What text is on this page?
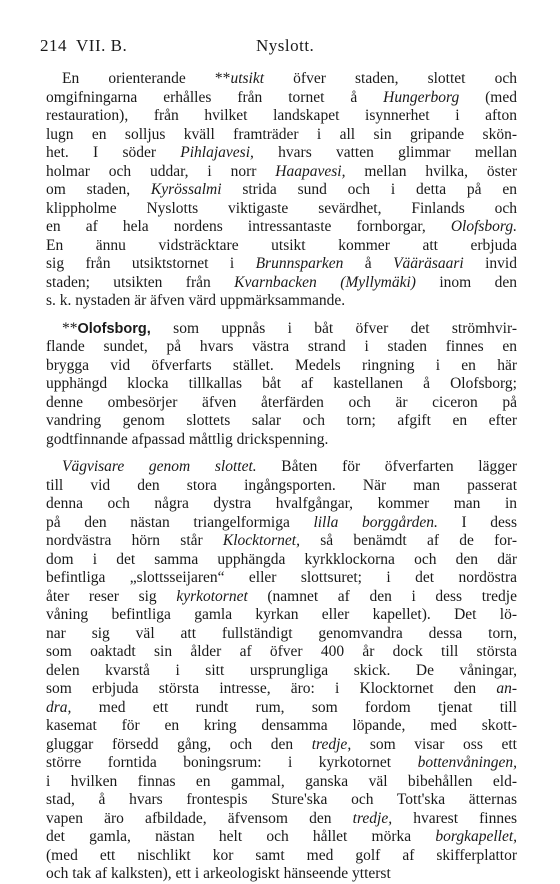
214 VII. B.	Nyslott.
En orienterande **utsikt öfver staden, slottet och
omgifningarna erhålles från tornet å Hungerborg (med
restauration), från hvilket landskapet isynnerhet i afton
lugn en solljus kväll framträder i all sin gripande skön-
het. I söder Pihlajavesi, hvars vatten glimmar mellan
holmar och uddar, i norr Haapavesi, mellan hvilka, öster
om staden, Kyrössalmi strida sund och i detta på en
klippholme Nyslotts viktigaste sevärdhet, Finlands och
en af hela nordens intressantaste fornborgar, Olofsborg.
En ännu vidsträcktare utsikt kommer att erbjuda
sig från utsiktstornet i Brunnsparken å Vääräsaari invid
staden; utsikten från Kvarnbacken (Myllymäki) inom den
s. k. nystaden är äfven värd uppmärksammande.
**Olofsborg, som uppnås i båt öfver det strömhvir-
flande sundet, på hvars västra strand i staden finnes en
brygga vid öfverfarts stället. Medels ringning i en här
upphängd klocka tillkallas båt af kastellanen å Olofsborg;
denne ombesörjer äfven återfärden och är ciceron på
vandring genom slottets salar och torn; afgift en efter
godtfinnande afpassad måttlig drickspenning.
Vägvisare genom slottet. Båten för öfverfarten lägger
till vid den stora ingångsporten. När man passerat
denna och några dystra hvalfgångar, kommer man in
på den nästan triangelformiga lilla borggården. I dess
nordvästra hörn står Klocktornet, så benämdt af de for-
dom i det samma upphängda kyrkklockorna och den där
befintliga „slottsseijaren“ eller slottsuret; i det nordöstra
åter reser sig kyrkotornet (namnet af den i dess tredje
våning befintliga gamla kyrkan eller kapellet). Det lö-
nar sig väl att fullständigt genomvandra dessa torn,
som oaktadt sin ålder af öfver 400 år dock till största
delen kvarstå i sitt ursprungliga skick. De våningar,
som erbjuda största intresse, äro: i Klocktornet den an-
dra, med ett rundt rum, som fordom tjenat till
kasemat för en kring densamma löpande, med skott-
gluggar försedd gång, och den tredje, som visar oss ett
större forntida boningsrum: i kyrkotornet bottenvåningen,
i hvilken finnas en gammal, ganska väl bibehållen eld-
stad, å hvars frontespis Sture'ska och Tott'ska ätternas
vapen äro afbildade, äfvensom den tredje, hvarest finnes
det gamla, nästan helt och hållet mörka borgkapellet,
(med ett nischlikt kor samt med golf af skifferplattor
och tak af kalksten), ett i arkeologiskt hänseende ytterst
